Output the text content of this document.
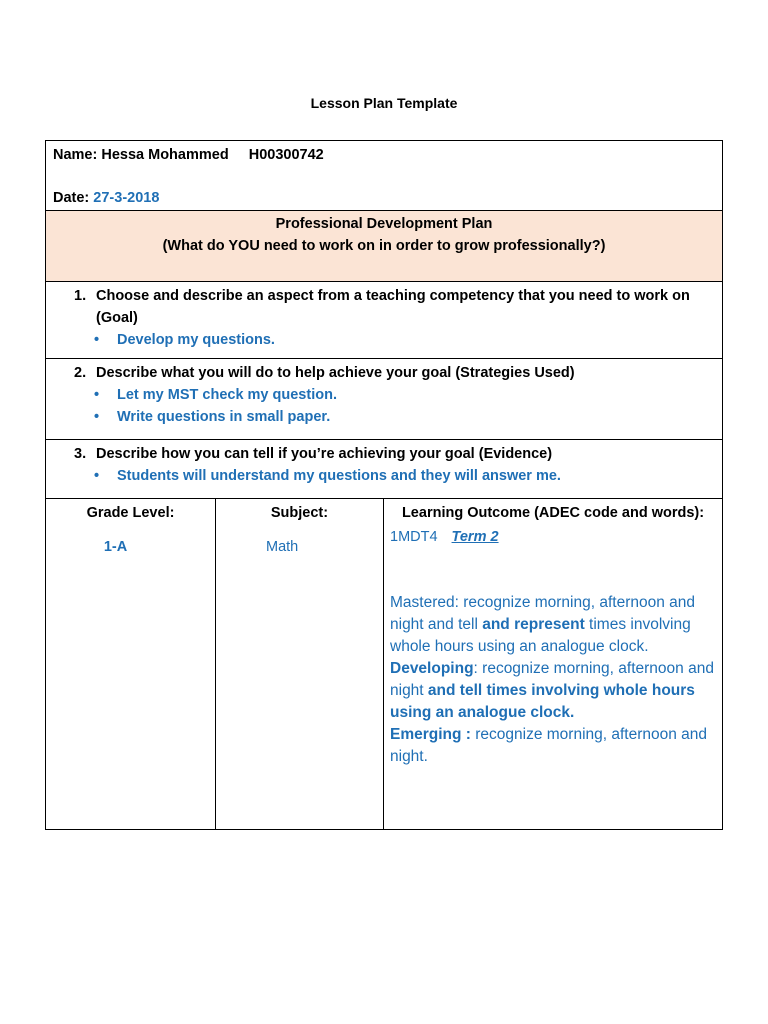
Lesson Plan Template
Name: Hessa Mohammed H00300742
Date: 27-3-2018

Professional Development Plan
(What do YOU need to work on in order to grow professionally?)

1. Choose and describe an aspect from a teaching competency that you need to work on (Goal)
•	Develop my questions.

2. Describe what you will do to help achieve your goal (Strategies Used)
•	Let my MST check my question.
•	Write questions in small paper.

3. Describe how you can tell if you’re achieving your goal (Evidence)
•	Students will understand my questions and they will answer me.

Grade Level:
1-A

Subject:
Math

Learning Outcome (ADEC code and words):
1MDT4 Term 2
Mastered: recognize morning, afternoon and night and tell and represent times involving whole hours using an analogue clock.
Developing: recognize morning, afternoon and night and tell times involving whole hours using an analogue clock.
Emerging : recognize morning, afternoon and night.
